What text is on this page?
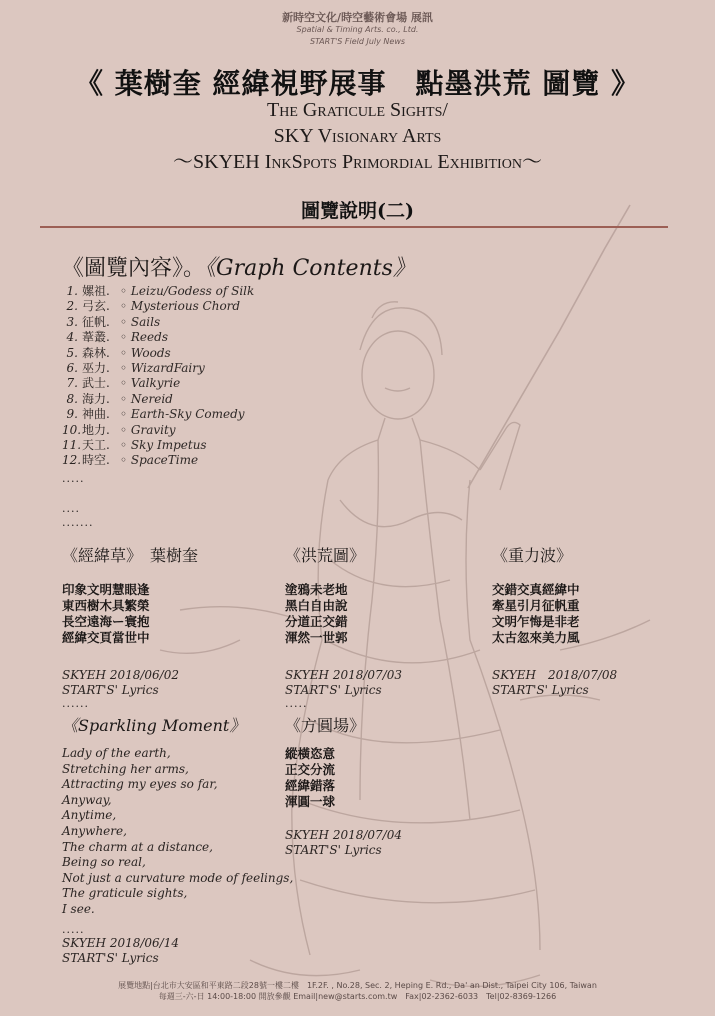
新時空文化/時空藝術會場 展訊
Spatial & Timing Arts. co., Ltd.
START'S Field July News
《 葉樹奎 經緯視野展事　點墨洪荒 圖覽 》
The Graticule Sights/
SKY Visionary Arts
～SKYEH InkSpots Primordial Exhibition～
圖覽說明(二)
《圖覽內容》。《Graph Contents》
1. 嫘祖. ◦ Leizu/Godess of Silk
2. 弓玄. ◦ Mysterious Chord
3. 征帆. ◦ Sails
4. 葦叢. ◦ Reeds
5. 森林. ◦ Woods
6. 巫力. ◦ WizardFairy
7. 武士. ◦ Valkyrie
8. 海力. ◦ Nereid
9. 神曲. ◦ Earth-Sky Comedy
10.地力. ◦ Gravity
11.天工. ◦ Sky Impetus
12.時空. ◦ SpaceTime
.....
....
.......
《經緯草》　葉樹奎
印象文明慧眼逢
東西樹木具繁榮
長空遠海ー寰抱
經緯交頁當世中
SKYEH 2018/06/02
START'S' Lyrics
......
《洪荒圖》
塗鴉未老地
黑白自由說
分道正交錯
渾然一世郭
SKYEH 2018/07/03
START'S' Lyrics
.....
《重力波》
交錯交真經緯中
牽星引月征帆重
文明乍悔是非老
太古忽來美力風
SKYEH　2018/07/08
START'S' Lyrics
《Sparkling Moment》
Lady of the earth,
Stretching her arms,
Attracting my eyes so far,
Anyway,
Anytime,
Anywhere,
The charm at a distance,
Being so real,
Not just a curvature mode of feelings,
The graticule sights,
I see.
.....
SKYEH 2018/06/14
START'S' Lyrics
《方圓場》
縱橫恣意
正交分流
經緯錯落
渾圓一球
SKYEH 2018/07/04
START'S' Lyrics
展覽地點|台北市大安區和平東路二段28號一樓二樓　1F.2F. , No.28, Sec. 2, Heping E. Rd., Da' an Dist., Taipei City 106, Taiwan
每週三-六-日 14:00-18:00 開放參觀 Email|new@starts.com.tw　Fax|02-2362-6033　Tel|02-8369-1266
